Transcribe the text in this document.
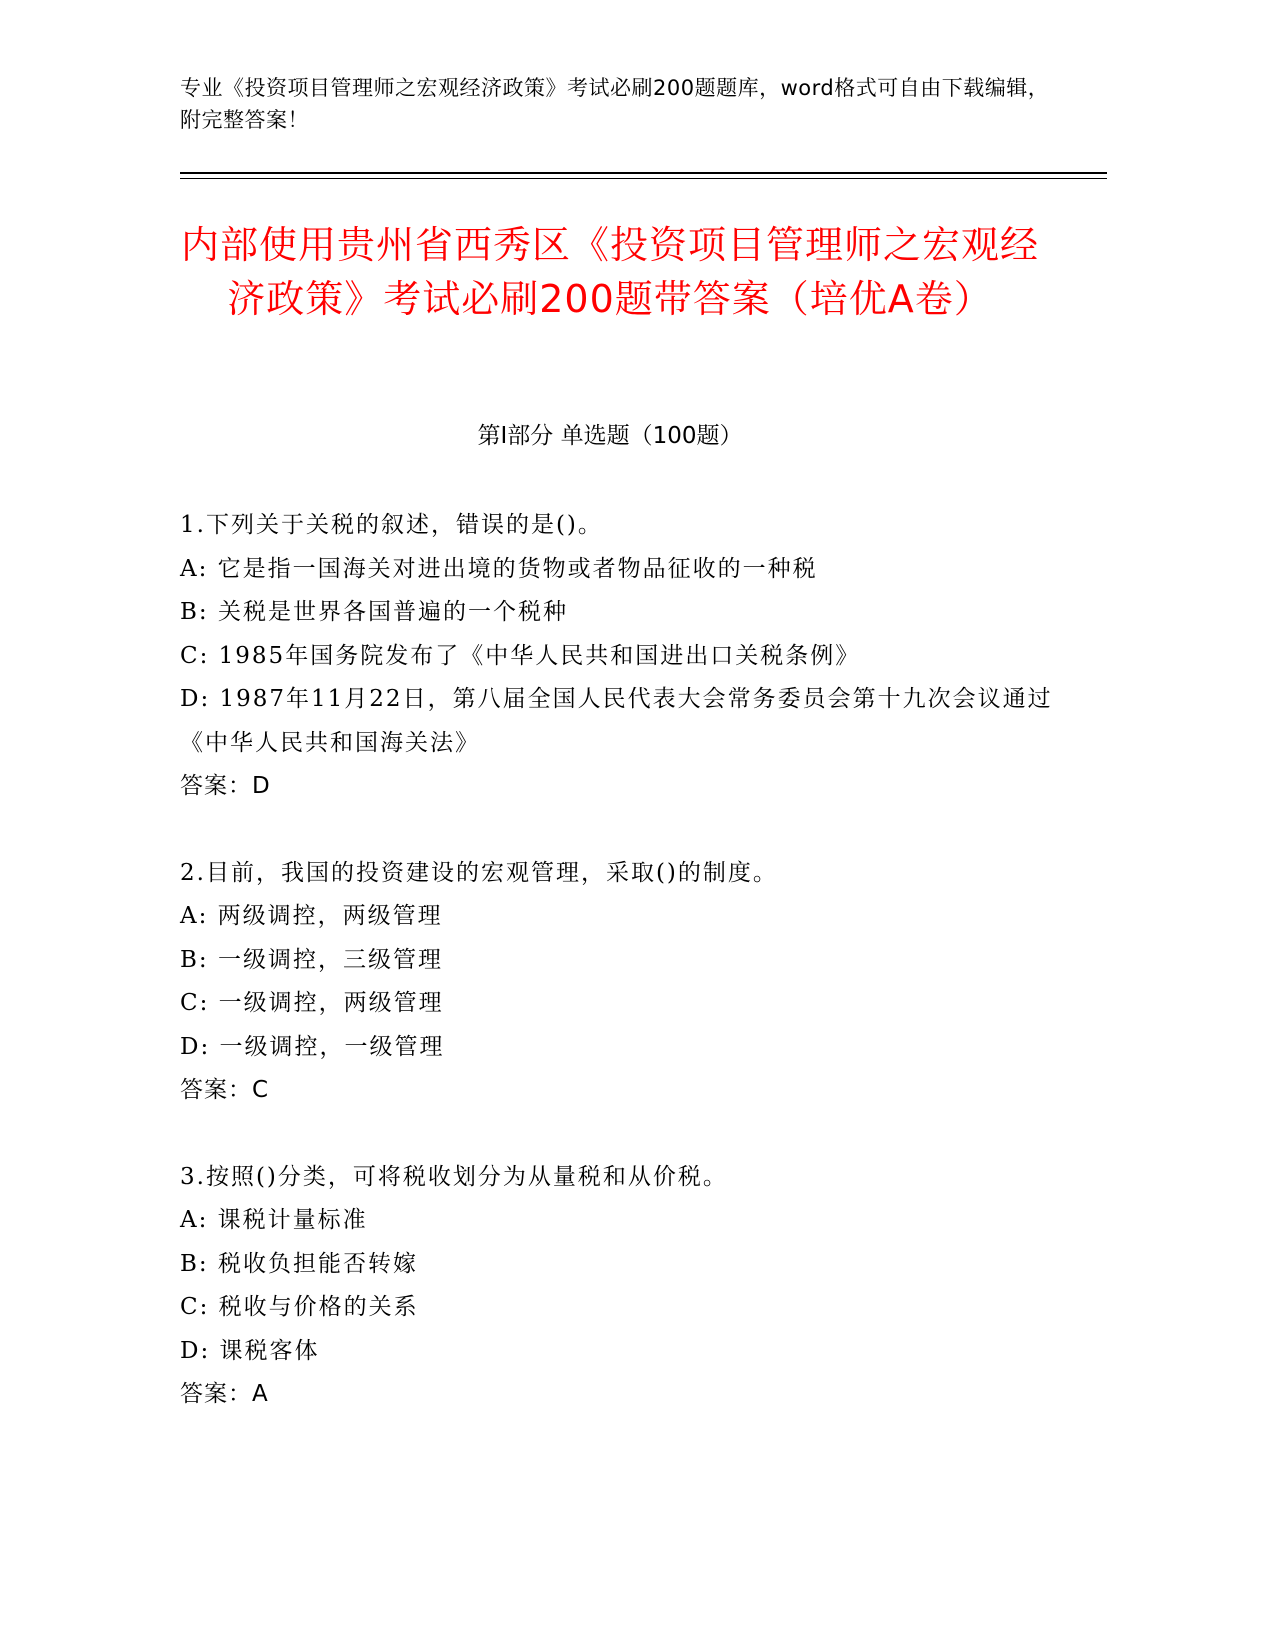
专业《投资项目管理师之宏观经济政策》考试必刷200题题库，word格式可自由下载编辑，附完整答案！
内部使用贵州省西秀区《投资项目管理师之宏观经济政策》考试必刷200题带答案（培优A卷）
第I部分 单选题（100题）
1.下列关于关税的叙述，错误的是()。
A: 它是指一国海关对进出境的货物或者物品征收的一种税
B: 关税是世界各国普遍的一个税种
C: 1985年国务院发布了《中华人民共和国进出口关税条例》
D: 1987年11月22日，第八届全国人民代表大会常务委员会第十九次会议通过《中华人民共和国海关法》
答案：D
2.目前，我国的投资建设的宏观管理，采取()的制度。
A: 两级调控，两级管理
B: 一级调控，三级管理
C: 一级调控，两级管理
D: 一级调控，一级管理
答案：C
3.按照()分类，可将税收划分为从量税和从价税。
A: 课税计量标准
B: 税收负担能否转嫁
C: 税收与价格的关系
D: 课税客体
答案：A
